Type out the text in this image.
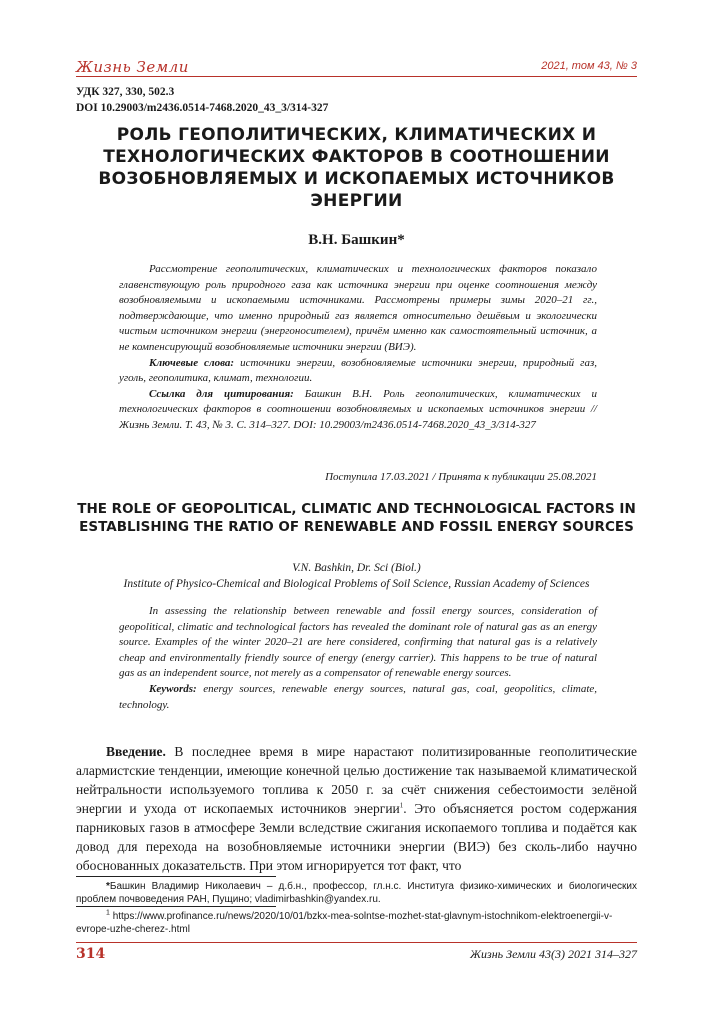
Жизнь Земли	2021, том 43, № 3
УДК 327, 330, 502.3
DOI 10.29003/m2436.0514-7468.2020_43_3/314-327
РОЛЬ ГЕОПОЛИТИЧЕСКИХ, КЛИМАТИЧЕСКИХ И ТЕХНОЛОГИЧЕСКИХ ФАКТОРОВ В СООТНОШЕНИИ ВОЗОБНОВЛЯЕМЫХ И ИСКОПАЕМЫХ ИСТОЧНИКОВ ЭНЕРГИИ
В.Н. Башкин*

Рассмотрение геополитических, климатических и технологических факторов показало главенствующую роль природного газа как источника энергии при оценке соотношения между возобновляемыми и ископаемыми источниками. Рассмотрены примеры зимы 2020–21 гг., подтверждающие, что именно природный газ является относительно дешёвым и экологически чистым источником энергии (энергоносителем), причём именно как самостоятельный источник, а не компенсирующий возобновляемые источники энергии (ВИЭ).

Ключевые слова: источники энергии, возобновляемые источники энергии, природный газ, уголь, геополитика, климат, технологии.

Ссылка для цитирования: Башкин В.Н. Роль геополитических, климатических и технологических факторов в соотношении возобновляемых и ископаемых источников энергии // Жизнь Земли. Т. 43, № 3. С. 314–327. DOI: 10.29003/m2436.0514-7468.2020_43_3/314-327

Поступила 17.03.2021 / Принята к публикации 25.08.2021
THE ROLE OF GEOPOLITICAL, CLIMATIC AND TECHNOLOGICAL FACTORS IN ESTABLISHING THE RATIO OF RENEWABLE AND FOSSIL ENERGY SOURCES
V.N. Bashkin, Dr. Sci (Biol.)
Institute of Physico-Chemical and Biological Problems of Soil Science, Russian Academy of Sciences

In assessing the relationship between renewable and fossil energy sources, consideration of geopolitical, climatic and technological factors has revealed the dominant role of natural gas as an energy source. Examples of the winter 2020–21 are here considered, confirming that natural gas is a relatively cheap and environmentally friendly source of energy (energy carrier). This happens to be true of natural gas as an independent source, not merely as a compensator of renewable energy sources.

Keywords: energy sources, renewable energy sources, natural gas, coal, geopolitics, climate, technology.

Введение. В последнее время в мире нарастают политизированные геополитические алармистские тенденции, имеющие конечной целью достижение так называемой климатической нейтральности используемого топлива к 2050 г. за счёт снижения себестоимости зелёной энергии и ухода от ископаемых источников энергии$^1$. Это объясняется ростом содержания парниковых газов в атмосфере Земли вследствие сжигания ископаемого топлива и подаётся как довод для перехода на возобновляемые источники энергии (ВИЭ) без сколь-либо научно обоснованных доказательств. При этом игнорируется тот факт, что

*Башкин Владимир Николаевич – д.б.н., профессор, гл.н.с. Институга физико-химических и биологических проблем почвоведения РАН, Пущино; vladimirbashkin@yandex.ru.
$^1$ https://www.profinance.ru/news/2020/10/01/bzkx-mea-solntse-mozhet-stat-glavnym-istochnikom-elektroenergii-v-evrope-uzhe-cherez-.html
314	Жизнь Земли 43(3) 2021 314–327
